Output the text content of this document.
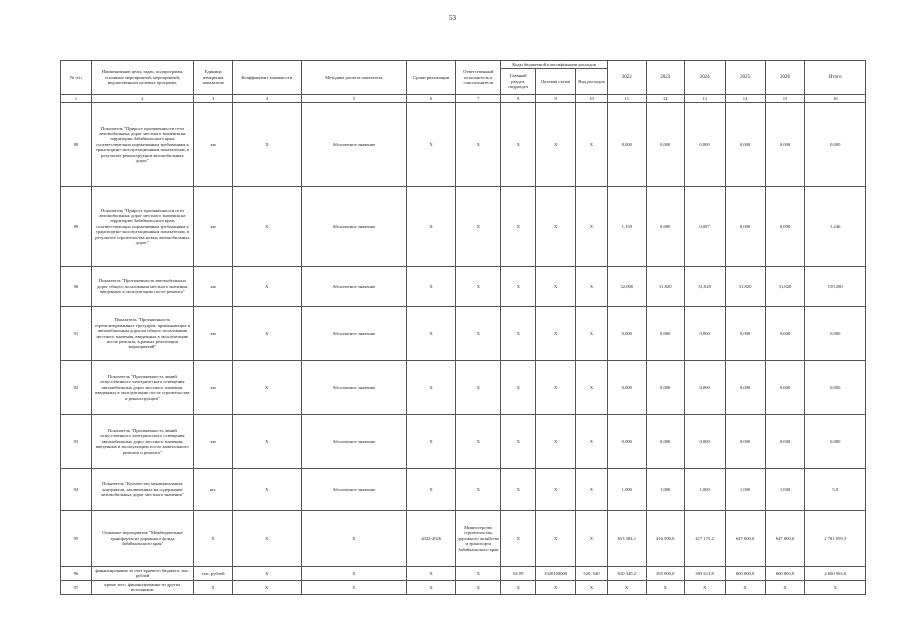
53
№ п/п	Наименование цели, задач, подпрограмм, основных мероприятий, мероприятий, ведомственных целевых программ,	Единица измерения показателя	Коэффициент значимости	Методика расчета показателя	Сроки реализации	Ответственный исполнитель и соисполнители	Коды бюджетной классификации расходов			2022	2023	2024	2025	2026	Итого
							Главный раздел, подраздел	Целевая статья	Вид расходов						
1	2	3	4	5	6	7	8	9	10	11	12	13	14	15	16
88	Показатель "Прирост протяженности сети автомобильных дорог местного значения на территории Забайкальского края, соответствующих нормативным требованиям к транспортно-эксплуатационным показателям, в результате реконструкции автомобильных дорог"	км	X	Абсолютное значение	X	X	X	X	X	0,000	0,000	0,000	0,000	0,000	0,000
89	Показатель "Прирост протяженности сети автомобильных дорог местного значения на территории Забайкальского края, соответствующих нормативным требованиям к транспортно-эксплуатационным показателям, в результате строительства новых автомобильных дорог"	км	X	Абсолютное значение	X	X	X	X	X	1,159	0,000	0,087	0,000	0,000	1,246
90	Показатель "Протяженность автомобильных дорог общего пользования местного значения, введенных в эксплуатацию после ремонта"	км	X	Абсолютное значение	X	X	X	X	X	32,000	31,820	31,820	31,820	31,820	159,280
91	Показатель "Протяженность отремонтированных тротуаров, примыкающих к автомобильным дорогам общего пользования местного значения, введенных в эксплуатацию после ремонта, в рамках реализации мероприятий"	км	X	Абсолютное значение	X	X	X	X	X	0,000	0,000	0,000	0,000	0,000	0,000
92	Показатель "Протяженность линий искусственного электрического освещения автомобильных дорог местного значения, введенных в эксплуатацию после строительства и реконструкции"	км	X	Абсолютное значение	X	X	X	X	X	0,000	0,000	0,000	0,000	0,000	0,000
93	Показатель "Протяженность линий искусственного электрического освещения автомобильных дорог местного значения, введенных в эксплуатацию после капитального ремонта и ремонта"	км	X	Абсолютное значение	X	X	X	X	X	0,000	0,000	0,000	0,000	0,000	0,000
94	Показатель "Количество муниципальных контрактов, заключенных на содержание автомобильных дорог местного значения"	шт.	X	Абсолютное значение	X	X	X	X	X	1,000	1,000	1,000	1,000	1,000	5,0
95	Основное мероприятие "Межбюджетные трансферты из дорожного фонда Забайкальского края"	X	X	X	2022-2026	Министерство строительства, дорожного хозяйства и транспорта Забайкальского края	X	X	X	653 384,1	416 500,0	417 175,2	647 000,0	647 000,0	2 781 059,3
96	финансирование за счет краевого бюджета, тыс. рублей	тыс. рублей	X	X	X	X	04 09	3320100000	520, 540	610 349,2	395 000,0	395 613,8	600 000,0	600 000,0	2 600 963,0
97	кроме того, финансирование из других источников:	X	X	X	X	X	X	X	X	X	X	X	X	X	X
